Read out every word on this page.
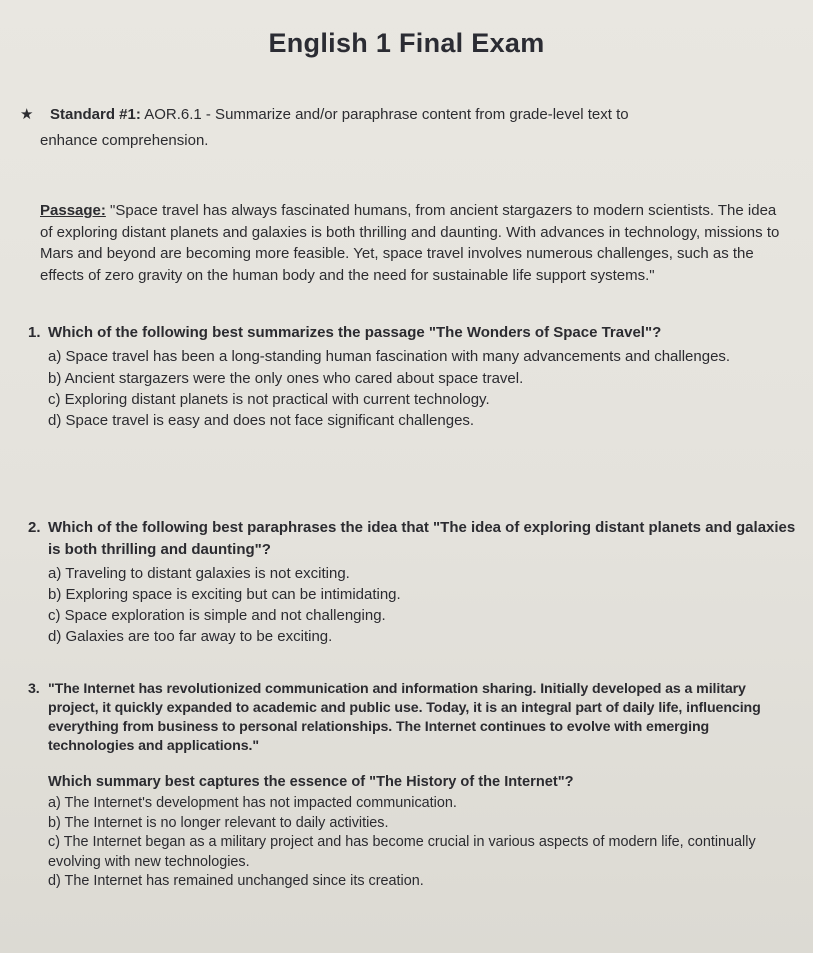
English 1 Final Exam
★ Standard #1: AOR.6.1 - Summarize and/or paraphrase content from grade-level text to
enhance comprehension.
Passage: "Space travel has always fascinated humans, from ancient stargazers to modern scientists. The idea of exploring distant planets and galaxies is both thrilling and daunting. With advances in technology, missions to Mars and beyond are becoming more feasible. Yet, space travel involves numerous challenges, such as the effects of zero gravity on the human body and the need for sustainable life support systems."
1. Which of the following best summarizes the passage "The Wonders of Space Travel"?
a) Space travel has been a long-standing human fascination with many advancements and challenges.
b) Ancient stargazers were the only ones who cared about space travel.
c) Exploring distant planets is not practical with current technology.
d) Space travel is easy and does not face significant challenges.
2. Which of the following best paraphrases the idea that "The idea of exploring distant planets and galaxies is both thrilling and daunting"?
a) Traveling to distant galaxies is not exciting.
b) Exploring space is exciting but can be intimidating.
c) Space exploration is simple and not challenging.
d) Galaxies are too far away to be exciting.
3. "The Internet has revolutionized communication and information sharing. Initially developed as a military project, it quickly expanded to academic and public use. Today, it is an integral part of daily life, influencing everything from business to personal relationships. The Internet continues to evolve with emerging technologies and applications."
Which summary best captures the essence of "The History of the Internet"?
a) The Internet's development has not impacted communication.
b) The Internet is no longer relevant to daily activities.
c) The Internet began as a military project and has become crucial in various aspects of modern life, continually evolving with new technologies.
d) The Internet has remained unchanged since its creation.
